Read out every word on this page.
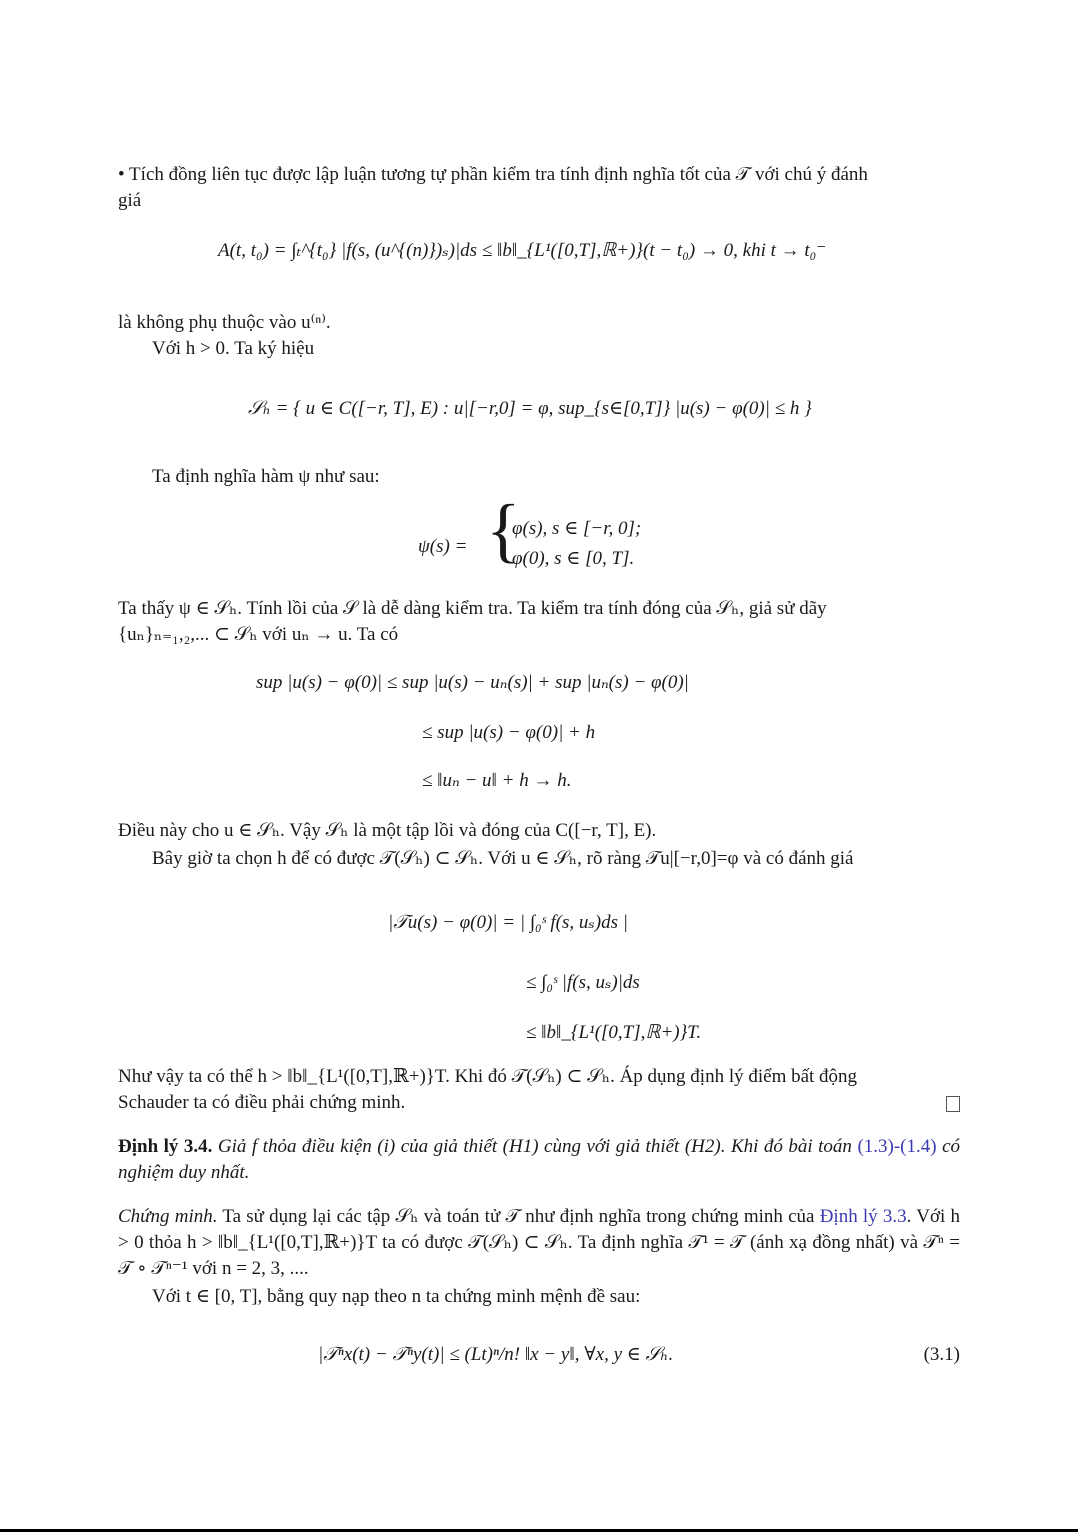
• Tích đồng liên tục được lập luận tương tự phần kiểm tra tính định nghĩa tốt của 𝒯 với chú ý đánh

giá

A(t, t₀) = ∫ₜ^{t₀} |f(s, (u^{(n)})ₛ)|ds ≤ ‖b‖_{L¹([0,T],ℝ+)}(t − t₀) → 0, khi t → t₀⁻

là không phụ thuộc vào u⁽ⁿ⁾.

Với h > 0. Ta ký hiệu

𝒮ₕ = { u ∈ C([−r, T], E) : u|[−r,0] = φ, sup_{s∈[0,T]} |u(s) − φ(0)| ≤ h }

Ta định nghĩa hàm ψ như sau:

ψ(s) = {
φ(s), s ∈ [−r, 0];
φ(0), s ∈ [0, T].

Ta thấy ψ ∈ 𝒮ₕ. Tính lồi của 𝒮 là dễ dàng kiểm tra. Ta kiểm tra tính đóng của 𝒮ₕ, giả sử dãy

{uₙ}ₙ₌₁,₂,... ⊂ 𝒮ₕ với uₙ → u. Ta có

sup |u(s) − φ(0)| ≤ sup |u(s) − uₙ(s)| + sup |uₙ(s) − φ(0)|
≤ sup |u(s) − φ(0)| + h
≤ ‖uₙ − u‖ + h → h.

Điều này cho u ∈ 𝒮ₕ. Vậy 𝒮ₕ là một tập lồi và đóng của C([−r, T], E).

Bây giờ ta chọn h để có được 𝒯(𝒮ₕ) ⊂ 𝒮ₕ. Với u ∈ 𝒮ₕ, rõ ràng 𝒯u|[−r,0]=φ và có đánh giá

|𝒯u(s) − φ(0)| = | ∫₀ˢ f(s, uₛ)ds |
≤ ∫₀ˢ |f(s, uₛ)|ds
≤ ‖b‖_{L¹([0,T],ℝ+)}T.

Như vậy ta có thể h > ‖b‖_{L¹([0,T],ℝ+)}T. Khi đó 𝒯(𝒮ₕ) ⊂ 𝒮ₕ. Áp dụng định lý điểm bất động

Schauder ta có điều phải chứng minh.

Định lý 3.4. Giả f thỏa điều kiện (i) của giả thiết (H1) cùng với giả thiết (H2). Khi đó bài toán (1.3)-(1.4) có nghiệm duy nhất.

Chứng minh. Ta sử dụng lại các tập 𝒮ₕ và toán tử 𝒯 như định nghĩa trong chứng minh của Định lý 3.3. Với h > 0 thỏa h > ‖b‖_{L¹([0,T],ℝ+)}T ta có được 𝒯(𝒮ₕ) ⊂ 𝒮ₕ. Ta định nghĩa 𝒯¹ = 𝒯 (ánh xạ đồng nhất) và 𝒯ⁿ = 𝒯 ∘ 𝒯ⁿ⁻¹ với n = 2, 3, ....

Với t ∈ [0, T], bằng quy nạp theo n ta chứng minh mệnh đề sau:

|𝒯ⁿx(t) − 𝒯ⁿy(t)| ≤ (Lt)ⁿ/n! ‖x − y‖, ∀x, y ∈ 𝒮ₕ.	(3.1)
